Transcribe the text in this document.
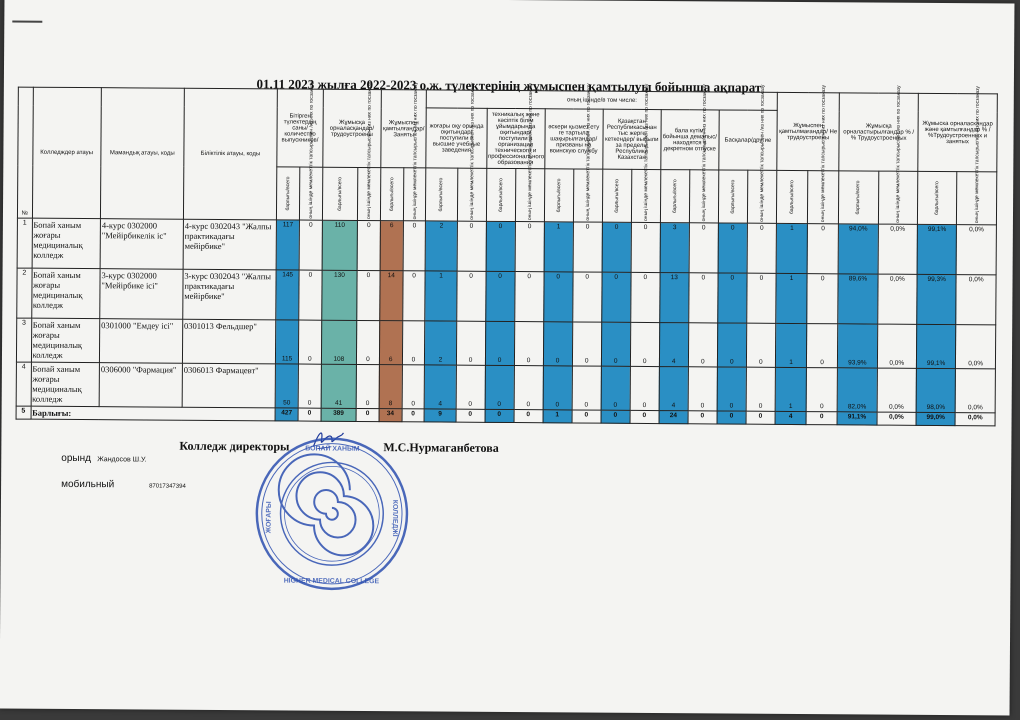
01.11 2023 жылға 2022-2023 о.ж. түлектерінің жұмыспен қамтылуы бойынша ақпарат
№	Колледждер атауы	Мамандық атауы, коды	Біліктілік атауы, коды	Бітірген түлектердің саны/количество выпускников/		Жұмысқа орналасқандар/ трудоустроены		Жұмыспен қамтылғандар/ Заняты		оның ішінде/в том числе:												Жұмыспен қамтылмағандар/ Не трудоустроены		Жұмысқа орналастырылғандар % / % Трудоустроенных		Жұмыска орналаскандар және қамтылғандар % / %Трудоустроенных и занятых	
										жоғары оқу орында оқитындар/ поступили в высшие учебные заведения		техникалық және кәсіптік білім ұйымдарында оқитындар/поступили в организации технического и профессионального образования		әскери қызмет ету ге тартыла шақырылғандар/ призваны на воинскую службу		Қазақстан Республикасынан тыс жерге кеткендер/ выбыли за пределы Республики Казахстан		бала күтімі бойынша демалыс/ находятся в декретном отпуске		Басқалар/другие							

				барлығы/всего	оның ішінде мемлекеттік тапсырыспен /из них по госзаказу	барлығы/всего	оның ішінде мемлекеттік тапсырыспен /из них по госзаказу	барлығы/всего	оның ішінде мемлекеттік тапсырыспен /из них по госзаказу	барлығы/всего	оның ішінде мемлекеттік тапсырыспен /из них по госзаказу	барлығы/всего	оның ішінде мемлекеттік тапсырыспен /из них по госзаказу	барлығы/всего	оның ішінде мемлекеттік тапсырыспен /из них по госзаказу	барлығы/всего	оның ішінде мемлекеттік тапсырыспен /из них по госзаказу	барлығы/всего	оның ішінде мемлекеттік тапсырыспен /из них по госзаказу	барлығы/всего	оның ішінде мемлекеттік тапсырыспен /из них по госзаказу	барлығы/всего	оның ішінде мемлекеттік тапсырыспен /из них по госзаказу	барлығы/всего	оның ішінде мемлекеттік тапсырыспен /из них по госзаказу	барлығы/всего	оның ішінде мемлекеттік тапсырыспен /из них по госзаказу

1	Бопай ханым жоғары медициналық колледж	4-курс 0302000 "Мейірбикелік іс"	4-курс 0302043 "Жалпы практикадағы мейірбике"	117	0	110	0	6	0	2	0	0	0	1	0	0	0	3	0	0	0	1	0	94,0%	0,0%	99,1%	0,0%
2	Бопай ханым жоғары медициналық колледж	3-курс 0302000 "Мейірбике ісі"	3-курс 0302043 "Жалпы практикадағы мейірбике"	145	0	130	0	14	0	1	0	0	0	0	0	0	0	13	0	0	0	1	0	89,6%	0,0%	99,3%	0,0%
3	Бопай ханым жоғары медициналық колледж	0301000 "Емдеу ісі"	0301013 Фельдшер"	115	0	108	0	6	0	2	0	0	0	0	0	0	0	4	0	0	0	1	0	93,9%	0,0%	99,1%	0,0%
4	Бопай ханым жоғары медициналық колледж	0306000 "Фармация"	0306013 Фармацевт"	50	0	41	0	8	0	4	0	0	0	0	0	0	0	4	0	0	0	1	0	82,0%	0,0%	98,0%	0,0%
5	Барлығы:			427	0	389	0	34	0	9	0	0	0	1	0	0	0	24	0	0	0	4	0	91,1%	0,0%	99,0%	0,0%
Колледж директоры	М.С.Нурмаганбетова
орынд Жандосов Ш.У.
мобильный	87017347394
БОПАЙ ХАНЫМ
HIGHER MEDICAL COLLEGE
ЖОҒАРЫ	КОЛЛЕДЖІ
